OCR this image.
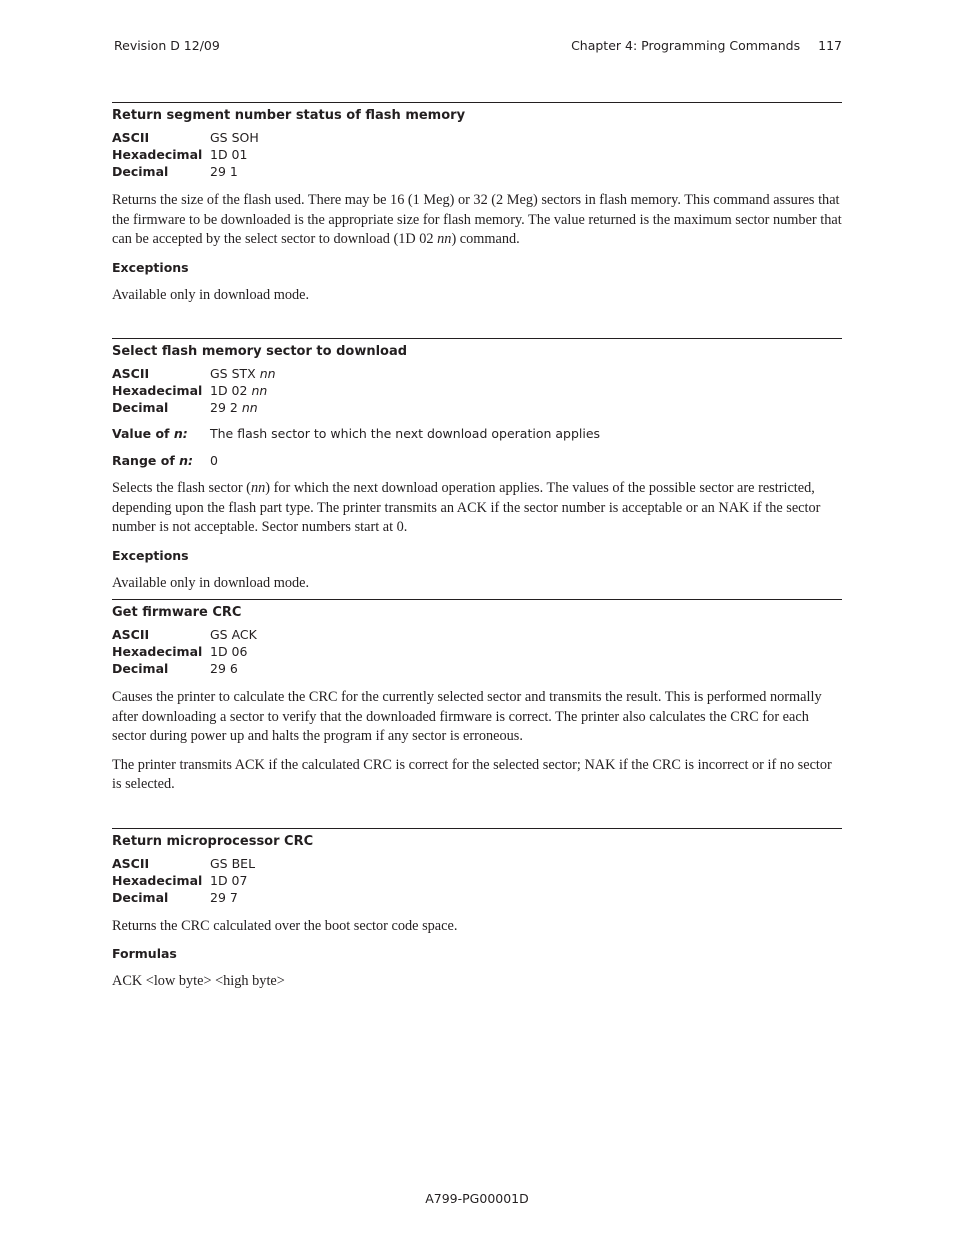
Revision D 12/09	Chapter 4: Programming Commands 117
Return segment number status of flash memory
ASCII	GS SOH
Hexadecimal 1D 01
Decimal	29 1

Returns the size of the flash used. There may be 16 (1 Meg) or 32 (2 Meg) sectors in flash memory. This command assures that the firmware to be downloaded is the appropriate size for flash memory. The value returned is the maximum sector number that can be accepted by the select sector to download (1D 02 nn) command.

Exceptions

Available only in download mode.

Select flash memory sector to download
ASCII	GS STX nn
Hexadecimal 1D 02 nn
Decimal	29 2 nn
Value of n: The flash sector to which the next download operation applies
Range of n: 0

Selects the flash sector (nn) for which the next download operation applies. The values of the possible sector are restricted, depending upon the flash part type. The printer transmits an ACK if the sector number is acceptable or an NAK if the sector number is not acceptable. Sector numbers start at 0.

Exceptions

Available only in download mode.

Get firmware CRC
ASCII	GS ACK
Hexadecimal 1D 06
Decimal	29 6

Causes the printer to calculate the CRC for the currently selected sector and transmits the result. This is performed normally after downloading a sector to verify that the downloaded firmware is correct. The printer also calculates the CRC for each sector during power up and halts the program if any sector is erroneous.

The printer transmits ACK if the calculated CRC is correct for the selected sector; NAK if the CRC is incorrect or if no sector is selected.

Return microprocessor CRC
ASCII	GS BEL
Hexadecimal 1D 07
Decimal	29 7

Returns the CRC calculated over the boot sector code space.

Formulas

ACK <low byte> <high byte>

A799-PG00001D
